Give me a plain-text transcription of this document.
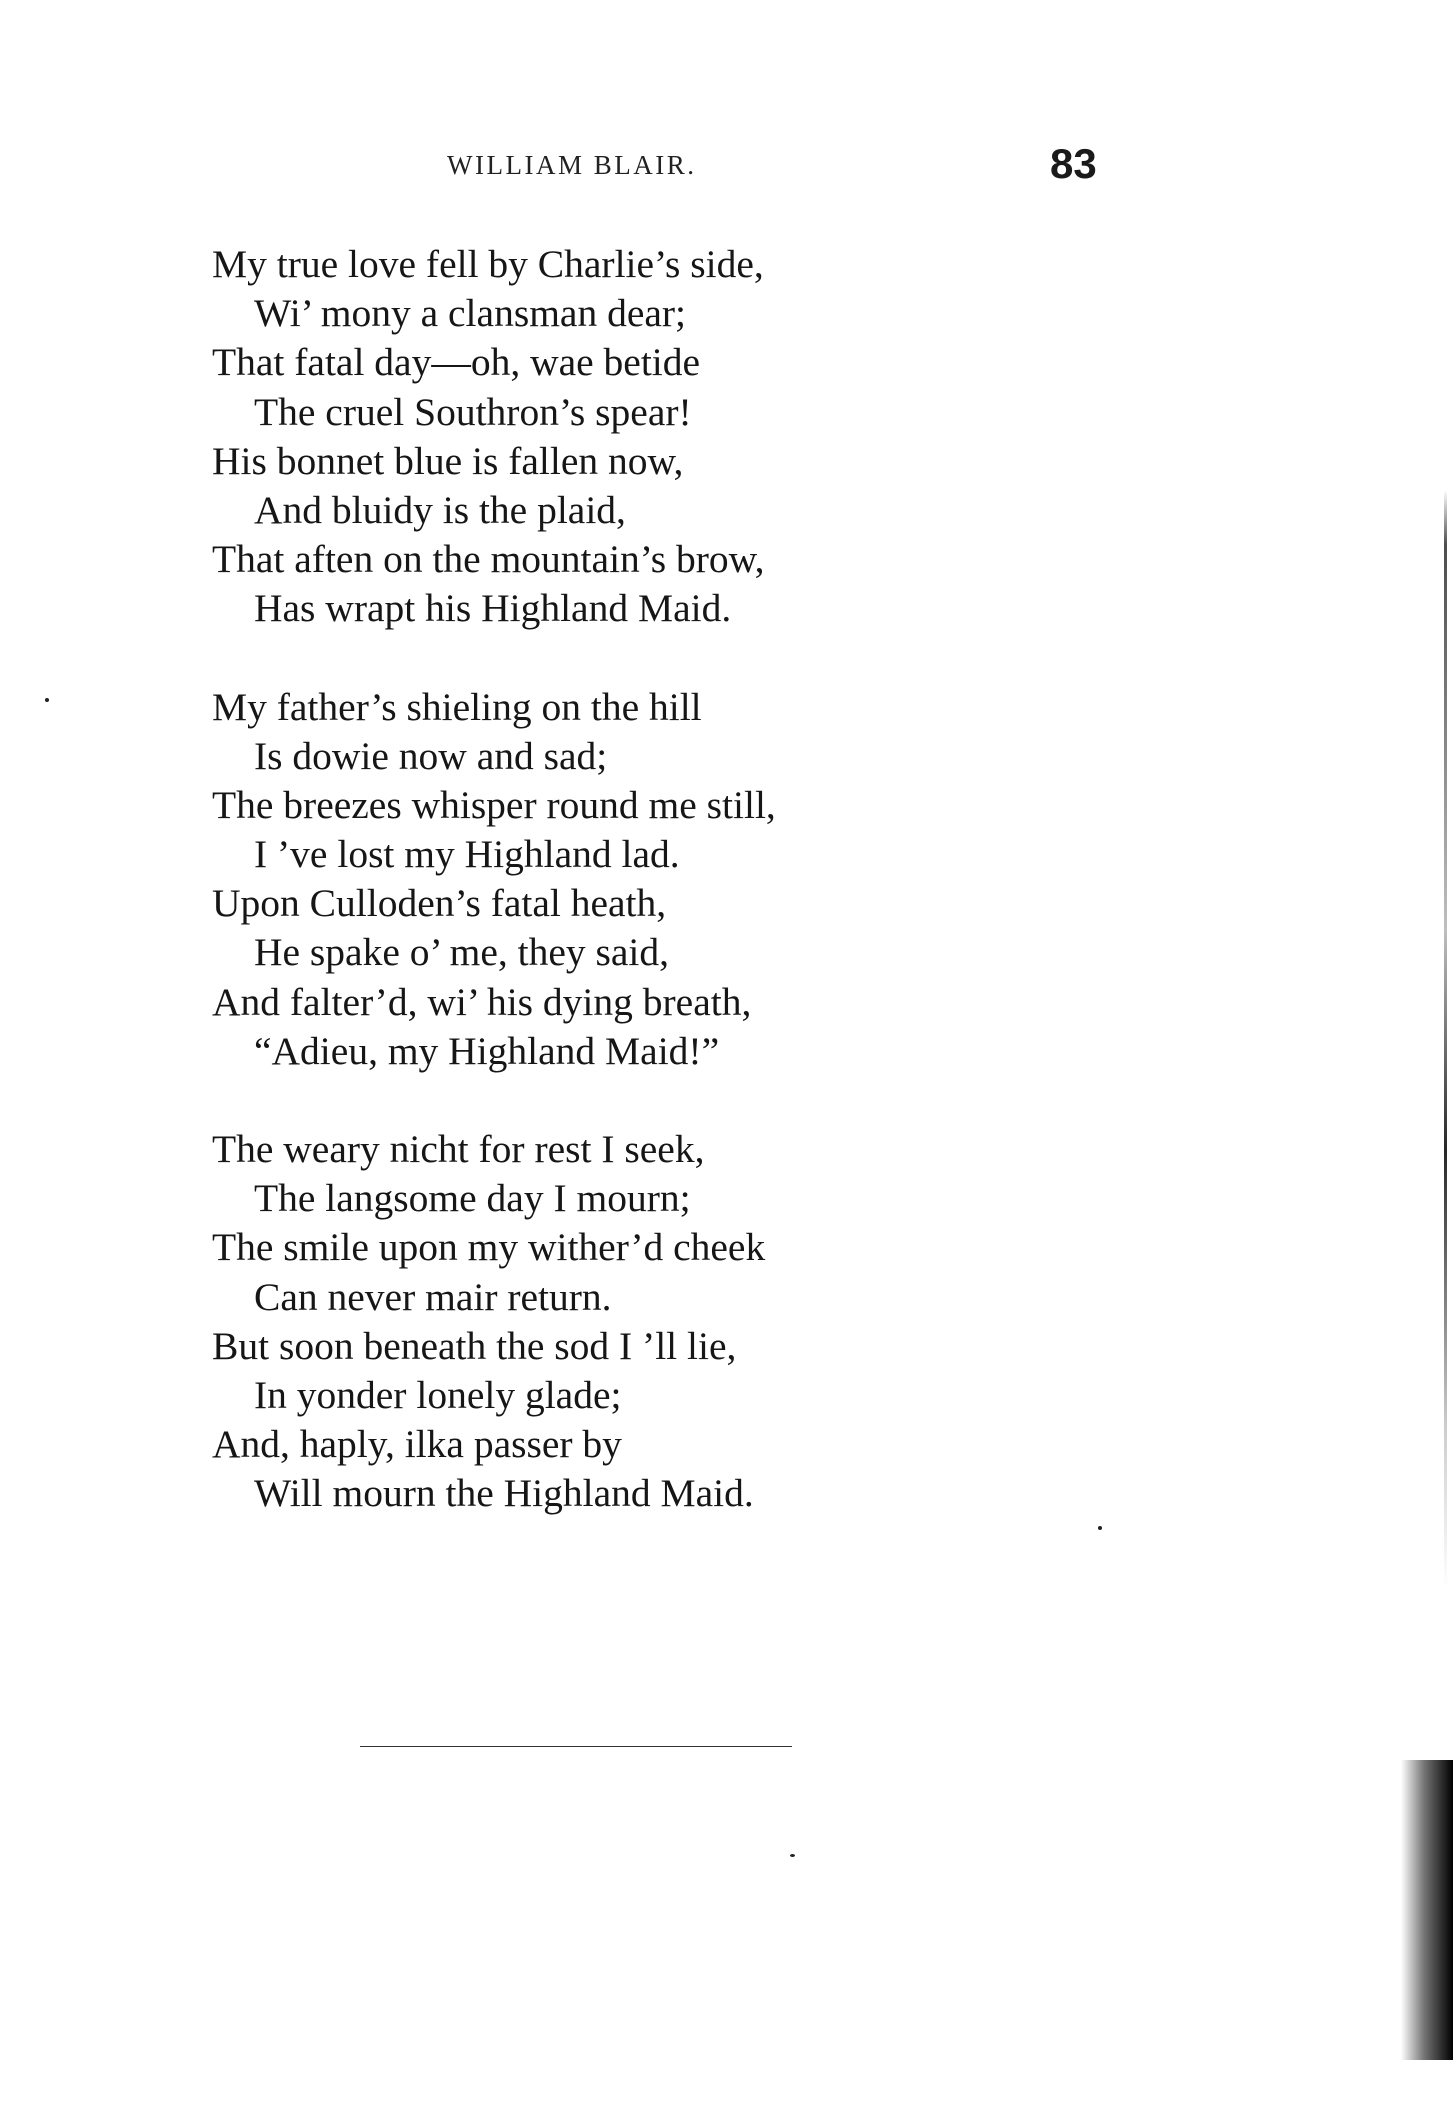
WILLIAM BLAIR.	83
My true love fell by Charlie’s side,
Wi’ mony a clansman dear;
That fatal day—oh, wae betide
The cruel Southron’s spear!
His bonnet blue is fallen now,
And bluidy is the plaid,
That aften on the mountain’s brow,
Has wrapt his Highland Maid.
My father’s shieling on the hill
Is dowie now and sad;
The breezes whisper round me still,
I ’ve lost my Highland lad.
Upon Culloden’s fatal heath,
He spake o’ me, they said,
And falter’d, wi’ his dying breath,
“Adieu, my Highland Maid!”
The weary nicht for rest I seek,
The langsome day I mourn;
The smile upon my wither’d cheek
Can never mair return.
But soon beneath the sod I ’ll lie,
In yonder lonely glade;
And, haply, ilka passer by
Will mourn the Highland Maid.
